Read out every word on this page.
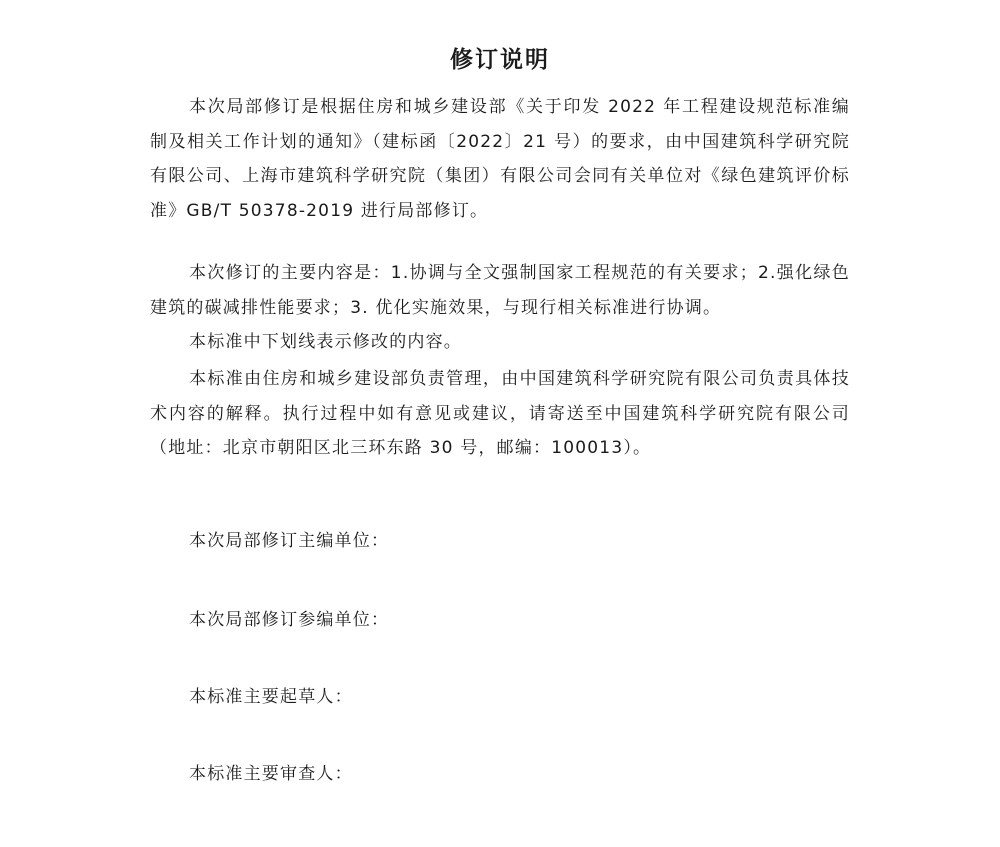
修订说明

本次局部修订是根据住房和城乡建设部《关于印发 2022 年工程建设规范标准编制及相关工作计划的通知》（建标函〔2022〕21 号）的要求，由中国建筑科学研究院有限公司、上海市建筑科学研究院（集团）有限公司会同有关单位对《绿色建筑评价标准》GB/T 50378-2019 进行局部修订。

本次修订的主要内容是：1.协调与全文强制国家工程规范的有关要求；2.强化绿色建筑的碳减排性能要求；3. 优化实施效果，与现行相关标准进行协调。

本标准中下划线表示修改的内容。

本标准由住房和城乡建设部负责管理，由中国建筑科学研究院有限公司负责具体技术内容的解释。执行过程中如有意见或建议，请寄送至中国建筑科学研究院有限公司（地址：北京市朝阳区北三环东路 30 号，邮编：100013）。

本次局部修订主编单位：

本次局部修订参编单位：

本标准主要起草人：

本标准主要审查人：
